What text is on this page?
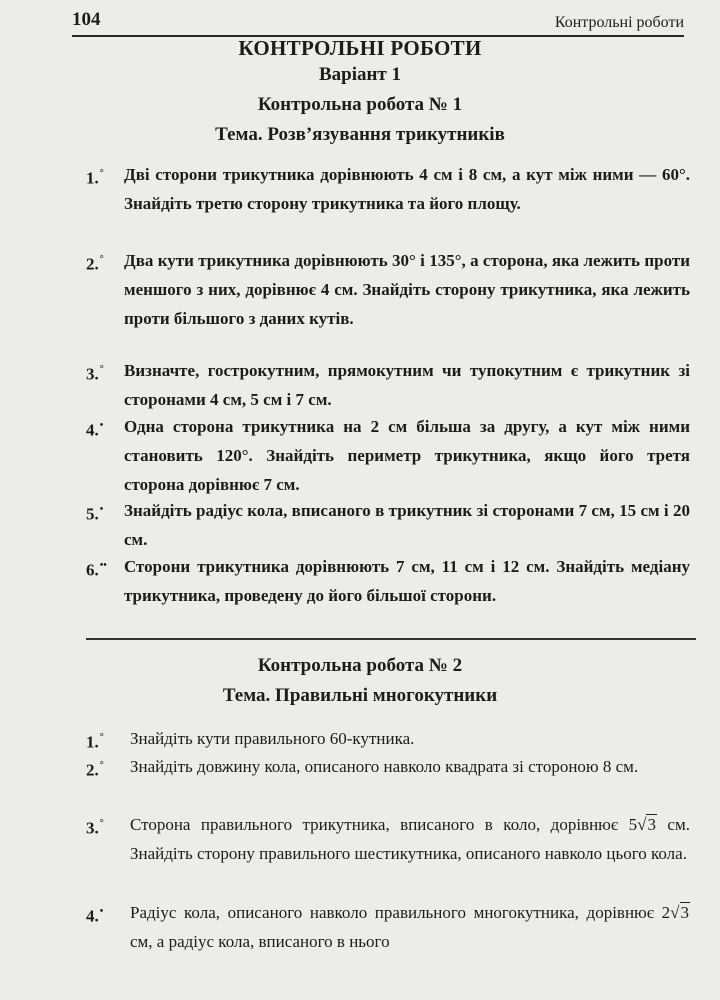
104	Контрольні роботи
КОНТРОЛЬНІ РОБОТИ
Варіант 1
Контрольна робота № 1
Тема. Розв’язування трикутників
1.°	Дві сторони трикутника дорівнюють 4 см і 8 см, а кут між ними — 60°. Знайдіть третю сторону трикутника та його площу.
2.°	Два кути трикутника дорівнюють 30° і 135°, а сторона, яка лежить проти меншого з них, дорівнює 4 см. Знайдіть сторону трикутника, яка лежить проти більшого з даних кутів.
3.°	Визначте, гострокутним, прямокутним чи тупокутним є трикутник зі сторонами 4 см, 5 см і 7 см.
4.•	Одна сторона трикутника на 2 см більша за другу, а кут між ними становить 120°. Знайдіть периметр трикутника, якщо його третя сторона дорівнює 7 см.
5.•	Знайдіть радіус кола, вписаного в трикутник зі сторонами 7 см, 15 см і 20 см.
6.••	Сторони трикутника дорівнюють 7 см, 11 см і 12 см. Знайдіть медіану трикутника, проведену до його більшої сторони.
Контрольна робота № 2
Тема. Правильні многокутники
1.°	Знайдіть кути правильного 60-кутника.
2.°	Знайдіть довжину кола, описаного навколо квадрата зі стороною 8 см.
3.°	Сторона правильного трикутника, вписаного в коло, дорівнює 5√3 см. Знайдіть сторону правильного шестикутника, описаного навколо цього кола.
4.•	Радіус кола, описаного навколо правильного многокутника, дорівнює 2√3 см, а радіус кола, вписаного в нього
